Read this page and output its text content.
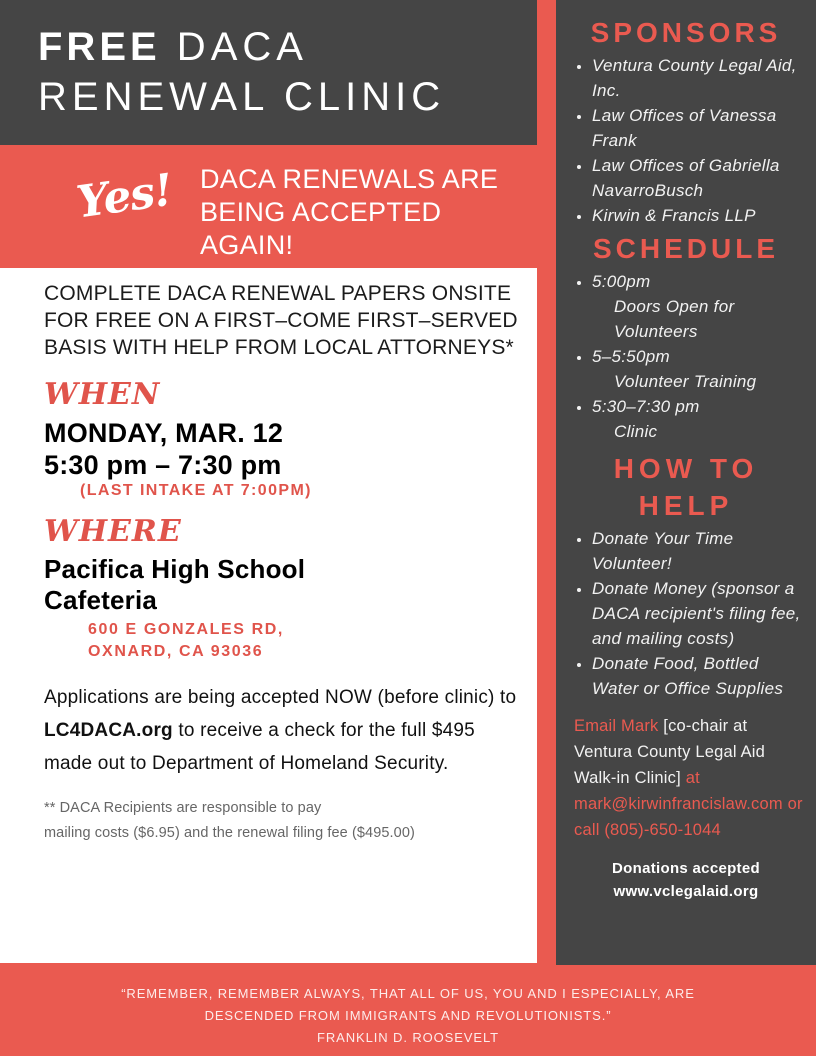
FREE DACA
RENEWAL CLINIC
Yes! DACA RENEWALS ARE BEING ACCEPTED AGAIN!

COMPLETE DACA RENEWAL PAPERS ONSITE FOR FREE ON A FIRST–COME FIRST–SERVED BASIS WITH HELP FROM LOCAL ATTORNEYS*

WHEN

MONDAY, MAR. 12

5:30 pm – 7:30 pm

(LAST INTAKE AT 7:00PM)

WHERE

Pacifica High School

Cafeteria

600 E GONZALES RD,
OXNARD, CA 93036

Applications are being accepted NOW (before clinic) to LC4DACA.org to receive a check for the full $495 made out to Department of Homeland Security.

** DACA Recipients are responsible to pay
mailing costs ($6.95) and the renewal filing fee ($495.00)

SPONSORS
• Ventura County Legal Aid, Inc.
• Law Offices of Vanessa Frank
• Law Offices of Gabriella NavarroBusch
• Kirwin & Francis LLP
SCHEDULE
• 5:00pm
Doors Open for Volunteers
• 5–5:50pm
Volunteer Training
• 5:30–7:30 pm
Clinic
HOW TO
HELP
• Donate Your Time Volunteer!
• Donate Money (sponsor a DACA recipient's filing fee, and mailing costs)
• Donate Food, Bottled Water or Office Supplies

Email Mark [co-chair at Ventura County Legal Aid Walk-in Clinic] at mark@kirwinfrancislaw.com or call (805)-650-1044

Donations accepted
www.vclegalaid.org

“REMEMBER, REMEMBER ALWAYS, THAT ALL OF US, YOU AND I ESPECIALLY, ARE
DESCENDED FROM IMMIGRANTS AND REVOLUTIONISTS.”

FRANKLIN D. ROOSEVELT
